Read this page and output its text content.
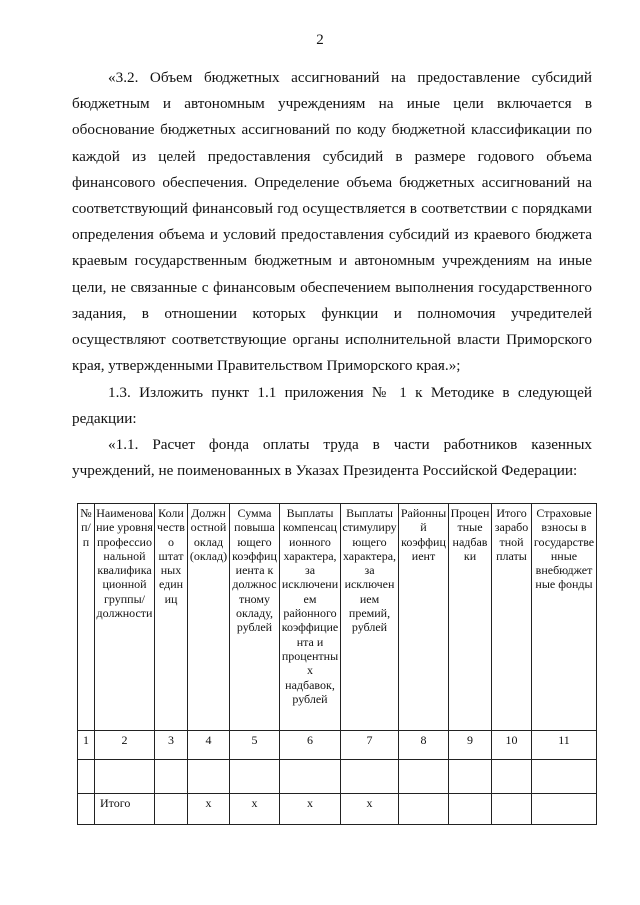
2

«3.2. Объем бюджетных ассигнований на предоставление субсидий бюджетным и автономным учреждениям на иные цели включается в обоснование бюджетных ассигнований по коду бюджетной классификации по каждой из целей предоставления субсидий в размере годового объема финансового обеспечения. Определение объема бюджетных ассигнований на соответствующий финансовый год осуществляется в соответствии с порядками определения объема и условий предоставления субсидий из краевого бюджета краевым государственным бюджетным и автономным учреждениям на иные цели, не связанные с финансовым обеспечением выполнения государственного задания, в отношении которых функции и полномочия учредителей осуществляют соответствующие органы исполнительной власти Приморского края, утвержденными Правительством Приморского края.»;

1.3. Изложить пункт 1.1 приложения № 1 к Методике в следующей редакции:

«1.1. Расчет фонда оплаты труда в части работников казенных учреждений, не поименованных в Указах Президента Российской Федерации:

№ п/п	Наименование уровня профессиональной квалификационной группы/должности	Количество штатных единиц	Должностной оклад (оклад)	Сумма повышающего коэффициента к должностному окладу, рублей	Выплаты компенсационного характера, за исключением районного коэффициента и процентных надбавок, рублей	Выплаты стимулирующего характера, за исключением премий, рублей	Районный коэффициент	Процентные надбавки	Итого заработной платы	Страховые взносы в государственные внебюджетные фонды
1	2	3	4	5	6	7	8	9	10	11

	Итого		х	х	х	х				
